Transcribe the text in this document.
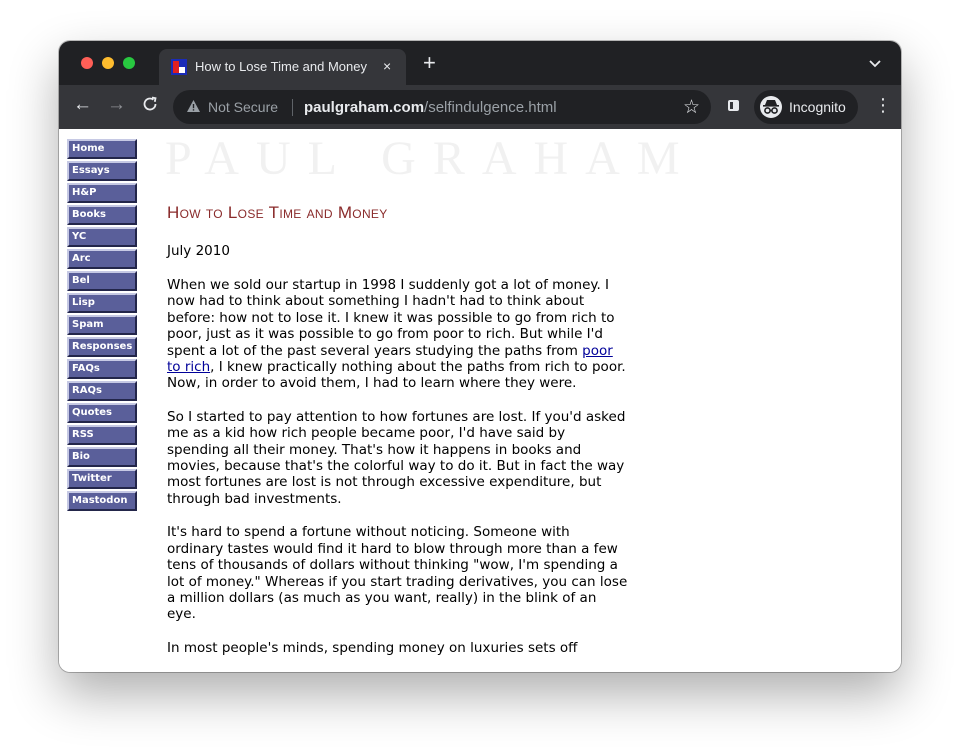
How to Lose Time and Money × +
← →	Not Secure paulgraham.com/selfindulgence.html	☆	Incognito ⋮
Home
Essays
H&P
Books
YC
Arc
Bel
Lisp
Spam
Responses
FAQs
RAQs
Quotes
RSS
Bio
Twitter
Mastodon
PAUL GRAHAM
How to Lose Time and Money

July 2010

When we sold our startup in 1998 I suddenly got a lot of money. I now had to think about something I hadn't had to think about before: how not to lose it. I knew it was possible to go from rich to poor, just as it was possible to go from poor to rich. But while I'd spent a lot of the past several years studying the paths from poor to rich, I knew practically nothing about the paths from rich to poor. Now, in order to avoid them, I had to learn where they were.

So I started to pay attention to how fortunes are lost. If you'd asked me as a kid how rich people became poor, I'd have said by spending all their money. That's how it happens in books and movies, because that's the colorful way to do it. But in fact the way most fortunes are lost is not through excessive expenditure, but through bad investments.

It's hard to spend a fortune without noticing. Someone with ordinary tastes would find it hard to blow through more than a few tens of thousands of dollars without thinking "wow, I'm spending a lot of money." Whereas if you start trading derivatives, you can lose a million dollars (as much as you want, really) in the blink of an eye.

In most people's minds, spending money on luxuries sets off
